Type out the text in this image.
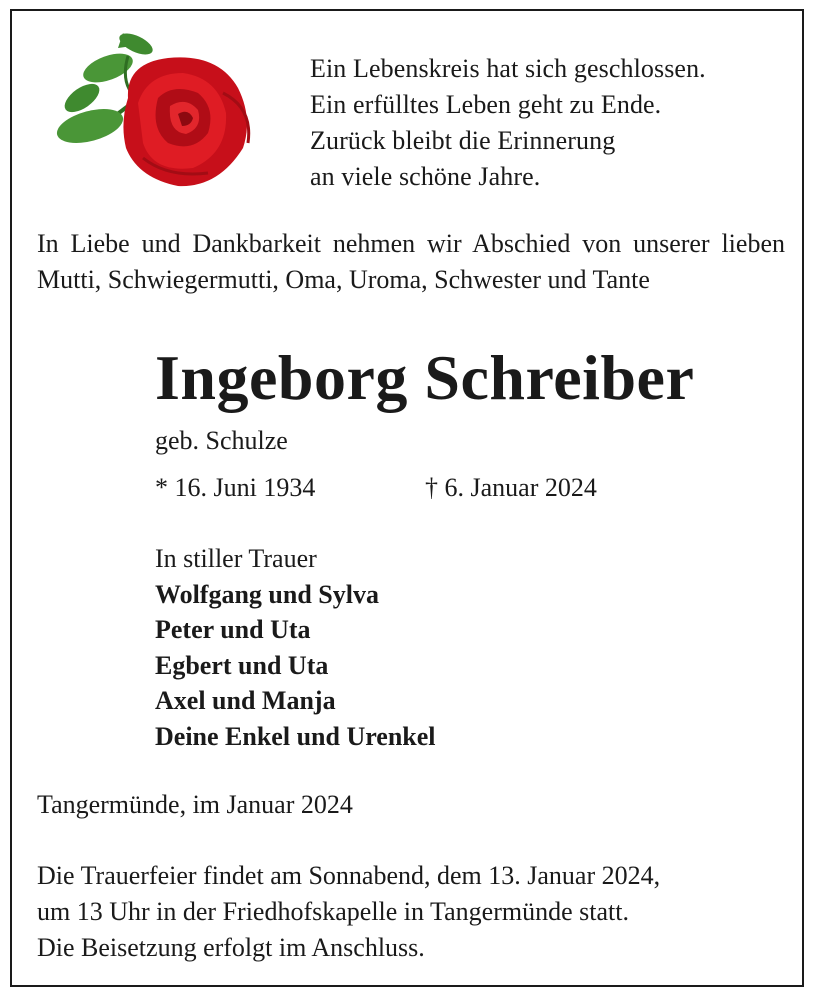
Ein Lebenskreis hat sich geschlossen.
Ein erfülltes Leben geht zu Ende.
Zurück bleibt die Erinnerung
an viele schöne Jahre.
In Liebe und Dankbarkeit nehmen wir Abschied von unserer lieben Mutti, Schwiegermutti, Oma, Uroma, Schwester und Tante
Ingeborg Schreiber
geb. Schulze
* 16. Juni 1934	† 6. Januar 2024
In stiller Trauer
Wolfgang und Sylva
Peter und Uta
Egbert und Uta
Axel und Manja
Deine Enkel und Urenkel
Tangermünde, im Januar 2024
Die Trauerfeier findet am Sonnabend, dem 13. Januar 2024,
um 13 Uhr in der Friedhofskapelle in Tangermünde statt.
Die Beisetzung erfolgt im Anschluss.
